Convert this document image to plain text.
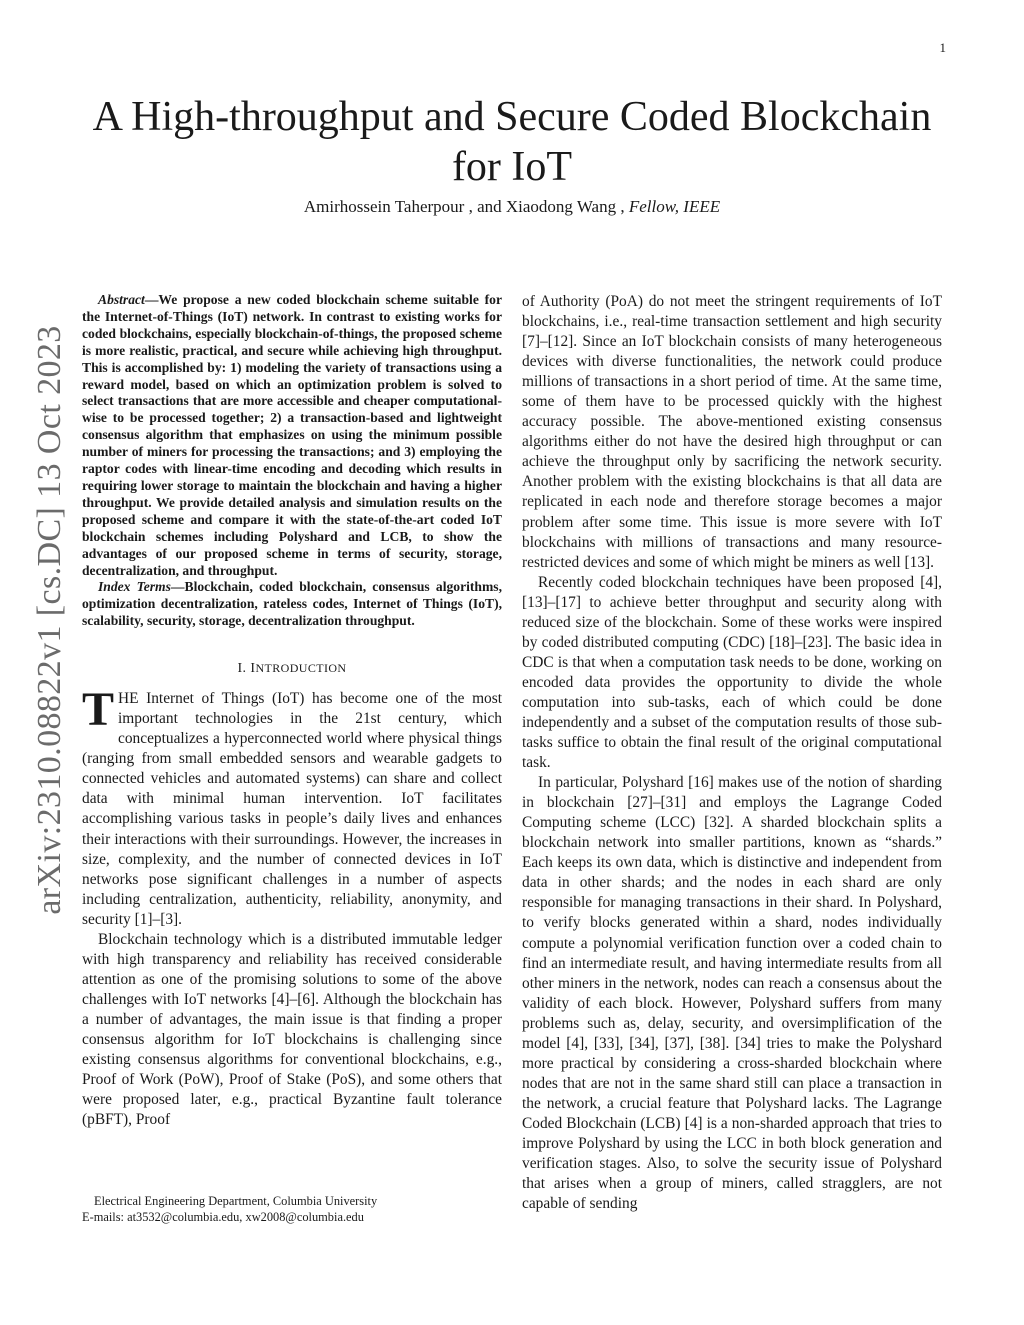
1
arXiv:2310.08822v1 [cs.DC] 13 Oct 2023
A High-throughput and Secure Coded Blockchain for IoT
Amirhossein Taherpour , and Xiaodong Wang , Fellow, IEEE

Abstract—We propose a new coded blockchain scheme suitable for the Internet-of-Things (IoT) network. In contrast to existing works for coded blockchains, especially blockchain-of-things, the proposed scheme is more realistic, practical, and secure while achieving high throughput. This is accomplished by: 1) modeling the variety of transactions using a reward model, based on which an optimization problem is solved to select transactions that are more accessible and cheaper computational-wise to be processed together; 2) a transaction-based and lightweight consensus algorithm that emphasizes on using the minimum possible number of miners for processing the transactions; and 3) employing the raptor codes with linear-time encoding and decoding which results in requiring lower storage to maintain the blockchain and having a higher throughput. We provide detailed analysis and simulation results on the proposed scheme and compare it with the state-of-the-art coded IoT blockchain schemes including Polyshard and LCB, to show the advantages of our proposed scheme in terms of security, storage, decentralization, and throughput.

Index Terms—Blockchain, coded blockchain, consensus algorithms, optimization decentralization, rateless codes, Internet of Things (IoT), scalability, security, storage, decentralization throughput.

I. INTRODUCTION

THE Internet of Things (IoT) has become one of the most important technologies in the 21st century, which conceptualizes a hyperconnected world where physical things (ranging from small embedded sensors and wearable gadgets to connected vehicles and automated systems) can share and collect data with minimal human intervention. IoT facilitates accomplishing various tasks in people’s daily lives and enhances their interactions with their surroundings. However, the increases in size, complexity, and the number of connected devices in IoT networks pose significant challenges in a number of aspects including centralization, authenticity, reliability, anonymity, and security [1]–[3].

Blockchain technology which is a distributed immutable ledger with high transparency and reliability has received considerable attention as one of the promising solutions to some of the above challenges with IoT networks [4]–[6]. Although the blockchain has a number of advantages, the main issue is that finding a proper consensus algorithm for IoT blockchains is challenging since existing consensus algorithms for conventional blockchains, e.g., Proof of Work (PoW), Proof of Stake (PoS), and some others that were proposed later, e.g., practical Byzantine fault tolerance (pBFT), Proof

Electrical Engineering Department, Columbia University
E-mails: at3532@columbia.edu, xw2008@columbia.edu

of Authority (PoA) do not meet the stringent requirements of IoT blockchains, i.e., real-time transaction settlement and high security [7]–[12]. Since an IoT blockchain consists of many heterogeneous devices with diverse functionalities, the network could produce millions of transactions in a short period of time. At the same time, some of them have to be processed quickly with the highest accuracy possible. The above-mentioned existing consensus algorithms either do not have the desired high throughput or can achieve the throughput only by sacrificing the network security. Another problem with the existing blockchains is that all data are replicated in each node and therefore storage becomes a major problem after some time. This issue is more severe with IoT blockchains with millions of transactions and many resource-restricted devices and some of which might be miners as well [13].

Recently coded blockchain techniques have been proposed [4], [13]–[17] to achieve better throughput and security along with reduced size of the blockchain. Some of these works were inspired by coded distributed computing (CDC) [18]–[23]. The basic idea in CDC is that when a computation task needs to be done, working on encoded data provides the opportunity to divide the whole computation into sub-tasks, each of which could be done independently and a subset of the computation results of those sub-tasks suffice to obtain the final result of the original computational task.

In particular, Polyshard [16] makes use of the notion of sharding in blockchain [27]–[31] and employs the Lagrange Coded Computing scheme (LCC) [32]. A sharded blockchain splits a blockchain network into smaller partitions, known as “shards.” Each keeps its own data, which is distinctive and independent from data in other shards; and the nodes in each shard are only responsible for managing transactions in their shard. In Polyshard, to verify blocks generated within a shard, nodes individually compute a polynomial verification function over a coded chain to find an intermediate result, and having intermediate results from all other miners in the network, nodes can reach a consensus about the validity of each block. However, Polyshard suffers from many problems such as, delay, security, and oversimplification of the model [4], [33], [34], [37], [38]. [34] tries to make the Polyshard more practical by considering a cross-sharded blockchain where nodes that are not in the same shard still can place a transaction in the network, a crucial feature that Polyshard lacks. The Lagrange Coded Blockchain (LCB) [4] is a non-sharded approach that tries to improve Polyshard by using the LCC in both block generation and verification stages. Also, to solve the security issue of Polyshard that arises when a group of miners, called stragglers, are not capable of sending
